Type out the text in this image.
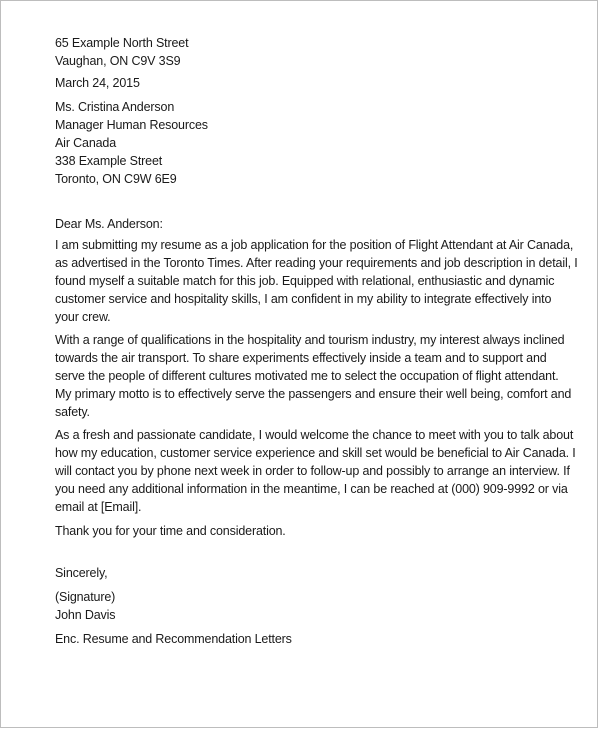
65 Example North Street
Vaughan, ON C9V 3S9
March 24, 2015
Ms. Cristina Anderson
Manager Human Resources
Air Canada
338 Example Street
Toronto, ON C9W 6E9
Dear Ms. Anderson:
I am submitting my resume as a job application for the position of Flight Attendant at Air Canada,
as advertised in the Toronto Times. After reading your requirements and job description in detail, I
found myself a suitable match for this job. Equipped with relational, enthusiastic and dynamic
customer service and hospitality skills, I am confident in my ability to integrate effectively into
your crew.
With a range of qualifications in the hospitality and tourism industry, my interest always inclined
towards the air transport. To share experiments effectively inside a team and to support and
serve the people of different cultures motivated me to select the occupation of flight attendant.
My primary motto is to effectively serve the passengers and ensure their well being, comfort and
safety.
As a fresh and passionate candidate, I would welcome the chance to meet with you to talk about
how my education, customer service experience and skill set would be beneficial to Air Canada. I
will contact you by phone next week in order to follow-up and possibly to arrange an interview. If
you need any additional information in the meantime, I can be reached at (000) 909-9992 or via
email at [Email].
Thank you for your time and consideration.
Sincerely,
(Signature)
John Davis
Enc. Resume and Recommendation Letters
